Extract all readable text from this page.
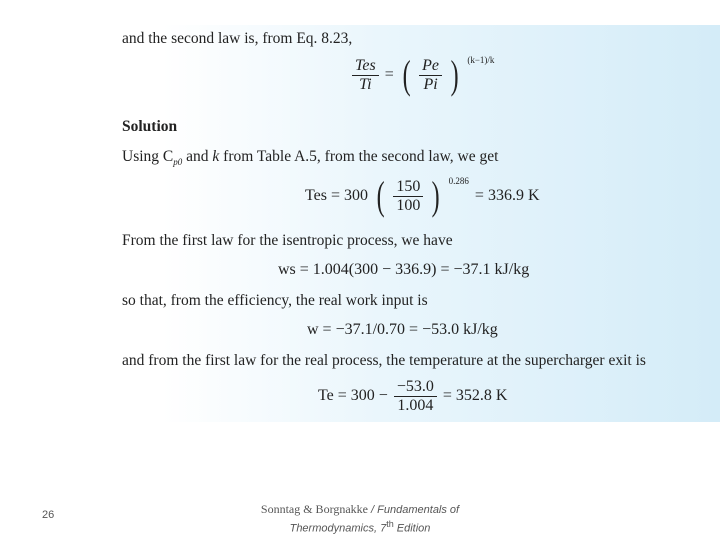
and the second law is, from Eq. 8.23,
$\frac{\text{Tes}}{Ti}$ = ( $\frac{Pe}{Pi}$ ) $^{(k-1)/k}$
Solution
Using $C_{p0}$ and k from Table A.5, from the second law, we get
Tes = 300 ( $\frac{150}{100}$ ) $^{0.286}$
= 336.9 K
From the first law for the isentropic process, we have
ws = 1.004(300 − 336.9) = −37.1 kJ/kg
so that, from the efficiency, the real work input is
w = −37.1/0.70 = −53.0 kJ/kg
and from the first law for the real process, the temperature at the supercharger exit is
$Te = 300 - \frac{-53.0}{1.004} = 352.8$ K
26	Sonntag & Borgnakke / Fundamentals of
Thermodynamics, 7th Edition
